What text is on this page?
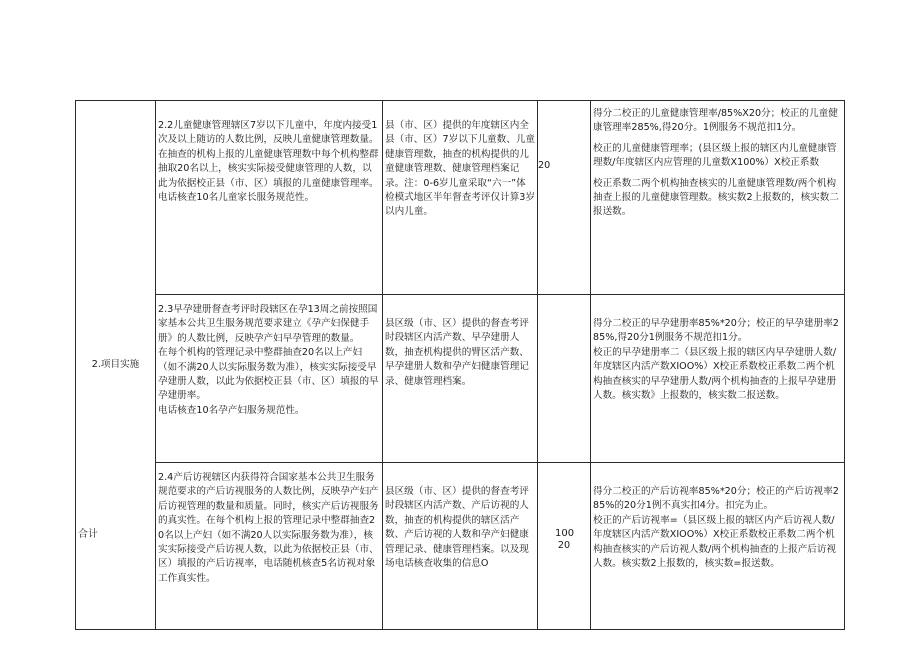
2.项目实施	2.2儿童健康管理辖区7岁以下儿童中，年度内接受1次及以上随访的人数比例，反映儿童健康管理数量。在抽查的机构上报的儿童健康管理数中每个机构整群抽取20名以上，核实实际接受健康管理的人数，以此为依据校正县（市、区）填报的儿童健康管理率。电话核查10名儿童家长服务规范性。	县（市、区）提供的年度辖区内全县（市、区）7岁以下儿童数、儿童健康管理数，抽查的机构提供的儿童健康管理数、健康管理档案记录。注：0-6岁儿童采取“六一”体检模式地区半年督查考评仅计算3岁以内儿童。	20	得分二校正的儿童健康管理率/85%X20分；校正的儿童健康管理率285%,得20分。1例服务不规范扣1分。
校正的儿童健康管理率；(县区级上报的辖区内儿童健康管理数/年度辖区内应管理的儿童数X100%）X校正系数
校正系数二两个机构抽查核实的儿童健康管理数/两个机构抽查上报的儿童健康管理数。核实数2上报数的，核实数二报送数。

	2.3早孕建册督查考评时段辖区在孕13周之前按照国家基本公共卫生服务规范要求建立《孕产妇保健手册》的人数比例，反映孕产妇早孕管理的数量。
在每个机构的管理记录中整群抽查20名以上产妇（如不满20人以实际服务数为准），核实实际接受早孕建册人数，以此为依据校正县（市、区）填报的早孕建册率。
电话核查10名孕产妇服务规范性。	县区级（市、区）提供的督查考评时段辖区内活产数、早孕建册人数，抽查机构提供的臂区活产数、早孕建册人数和孕产妇健康管理记录、健康管理档案。		得分二校正的早孕建册率85%*20分；校正的早孕建册率285%,得20分1例服务不规范扣1分。
校正的早孕建册率二（县区级上报的辖区内早孕建册人数/年度辖区内活产数XIOO%）X校正系数校正系数二两个机构抽查核实的早孕建册人数/两个机构抽查的上报早孕建册人数。核实数》上报数的，核实数二报送数。

	2.4产后访视辖区内获得符合国家基本公共卫生服务规范要求的产后访视服务的人数比例，反映孕产妇产后访视管理的数量和质量。同时，核实产后访视服务的真实性。在每个机构上报的管理记录中整群抽查20名以上产妇（如不满20人以实际服务数为准），核实实际接受产后访视人数，以此为依据校正县（市、区）填报的产后访视率，电话随机核查5名访视对象工作真实性。	县区级（市、区）提供的督查考评时段辖区内活产数、产后访视的人数，抽查的机构提供的辖区活产数、产后访视的人数和孕产妇健康管理记录、健康管理档案。以及现场电话核查收集的信息O	20	得分二校正的产后访视率85%*20分；校正的产后访视率285%的20分1例不真实扣4分。扣完为止。
校正的产后访视率=（县区级上报的辖区内产后访视人数/年度辖区内活产数XIOO%）X校正系数校正系数二两个机构抽查核实的产后访视人数/两个机构抽查的上报产后访视人数。核实数2上报数的，核实数=报送数。

合计	100
